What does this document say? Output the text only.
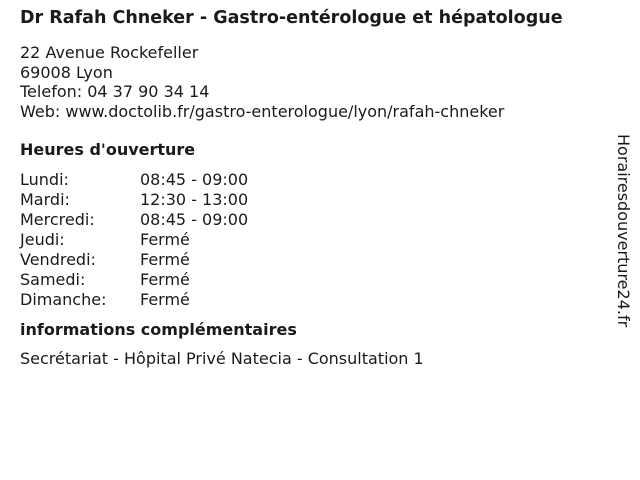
Dr Rafah Chneker - Gastro-entérologue et hépatologue
22 Avenue Rockefeller
69008 Lyon
Telefon: 04 37 90 34 14
Web: www.doctolib.fr/gastro-enterologue/lyon/rafah-chneker
Heures d'ouverture
Lundi:	08:45 - 09:00
Mardi:	12:30 - 13:00
Mercredi:	08:45 - 09:00
Jeudi:	Fermé
Vendredi:	Fermé
Samedi:	Fermé
Dimanche:	Fermé
informations complémentaires
Secrétariat - Hôpital Privé Natecia - Consultation 1
Horairesdouverture24.fr
